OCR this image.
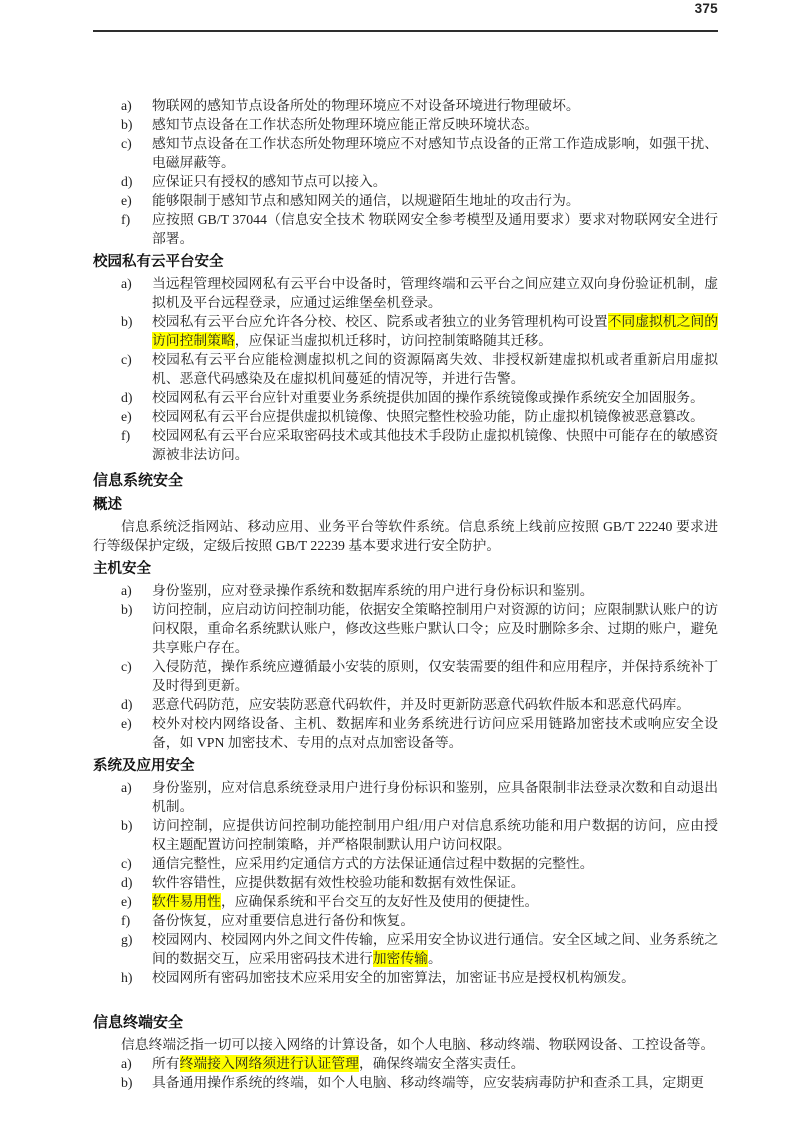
375
a) 物联网的感知节点设备所处的物理环境应不对设备环境进行物理破坏。
b) 感知节点设备在工作状态所处物理环境应能正常反映环境状态。
c) 感知节点设备在工作状态所处物理环境应不对感知节点设备的正常工作造成影响，如强干扰、电磁屏蔽等。
d) 应保证只有授权的感知节点可以接入。
e) 能够限制于感知节点和感知网关的通信，以规避陌生地址的攻击行为。
f) 应按照 GB/T 37044（信息安全技术 物联网安全参考模型及通用要求）要求对物联网安全进行部署。
校园私有云平台安全
a) 当远程管理校园网私有云平台中设备时，管理终端和云平台之间应建立双向身份验证机制，虚拟机及平台远程登录，应通过运维堡垒机登录。
b) 校园私有云平台应允许各分校、校区、院系或者独立的业务管理机构可设置不同虚拟机之间的访问控制策略，应保证当虚拟机迁移时，访问控制策略随其迁移。
c) 校园私有云平台应能检测虚拟机之间的资源隔离失效、非授权新建虚拟机或者重新启用虚拟机、恶意代码感染及在虚拟机间蔓延的情况等，并进行告警。
d) 校园网私有云平台应针对重要业务系统提供加固的操作系统镜像或操作系统安全加固服务。
e) 校园网私有云平台应提供虚拟机镜像、快照完整性校验功能，防止虚拟机镜像被恶意篡改。
f) 校园网私有云平台应采取密码技术或其他技术手段防止虚拟机镜像、快照中可能存在的敏感资源被非法访问。
信息系统安全
概述
信息系统泛指网站、移动应用、业务平台等软件系统。信息系统上线前应按照 GB/T 22240 要求进行等级保护定级，定级后按照 GB/T 22239 基本要求进行安全防护。
主机安全
a) 身份鉴别，应对登录操作系统和数据库系统的用户进行身份标识和鉴别。
b) 访问控制，应启动访问控制功能，依据安全策略控制用户对资源的访问；应限制默认账户的访问权限，重命名系统默认账户，修改这些账户默认口令；应及时删除多余、过期的账户，避免共享账户存在。
c) 入侵防范，操作系统应遵循最小安装的原则，仅安装需要的组件和应用程序，并保持系统补丁及时得到更新。
d) 恶意代码防范，应安装防恶意代码软件，并及时更新防恶意代码软件版本和恶意代码库。
e) 校外对校内网络设备、主机、数据库和业务系统进行访问应采用链路加密技术或响应安全设备，如 VPN 加密技术、专用的点对点加密设备等。
系统及应用安全
a) 身份鉴别，应对信息系统登录用户进行身份标识和鉴别，应具备限制非法登录次数和自动退出机制。
b) 访问控制，应提供访问控制功能控制用户组/用户对信息系统功能和用户数据的访问，应由授权主题配置访问控制策略，并严格限制默认用户访问权限。
c) 通信完整性，应采用约定通信方式的方法保证通信过程中数据的完整性。
d) 软件容错性，应提供数据有效性校验功能和数据有效性保证。
e) 软件易用性，应确保系统和平台交互的友好性及使用的便捷性。
f) 备份恢复，应对重要信息进行备份和恢复。
g) 校园网内、校园网内外之间文件传输，应采用安全协议进行通信。安全区域之间、业务系统之间的数据交互，应采用密码技术进行加密传输。
h) 校园网所有密码加密技术应采用安全的加密算法，加密证书应是授权机构颁发。
信息终端安全
信息终端泛指一切可以接入网络的计算设备，如个人电脑、移动终端、物联网设备、工控设备等。
a) 所有终端接入网络须进行认证管理，确保终端安全落实责任。
b) 具备通用操作系统的终端，如个人电脑、移动终端等，应安装病毒防护和查杀工具，定期更
